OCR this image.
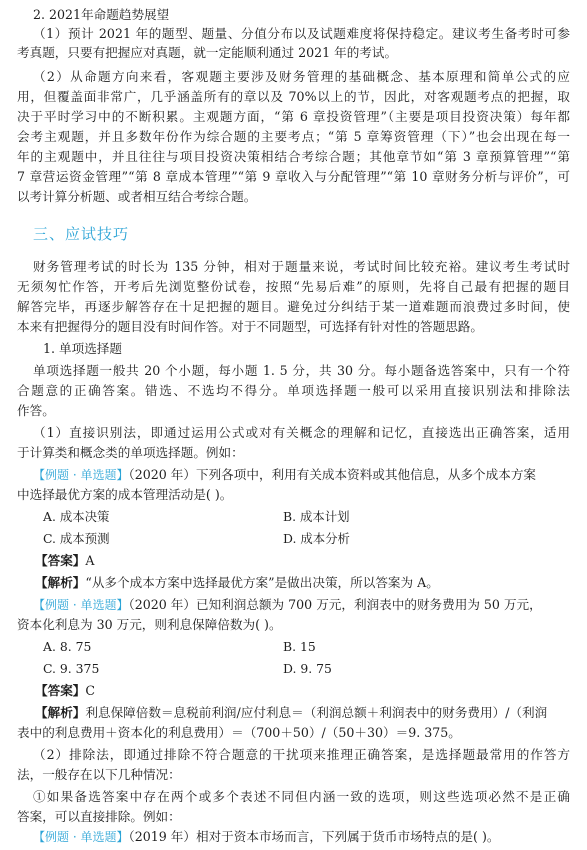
2. 2021年命题趋势展望
（1）预计 2021 年的题型、题量、分值分布以及试题难度将保持稳定。建议考生备考时可参
考真题，只要有把握应对真题，就一定能顺利通过 2021 年的考试。
（2）从命题方向来看，客观题主要涉及财务管理的基础概念、基本原理和简单公式的应
用，但覆盖面非常广，几乎涵盖所有的章以及 70%以上的节，因此，对客观题考点的把握，取
决于平时学习中的不断积累。主观题方面，“第 6 章投资管理”（主要是项目投资决策）每年都
会考主观题，并且多数年份作为综合题的主要考点；“第 5 章筹资管理（下）”也会出现在每一
年的主观题中，并且往往与项目投资决策相结合考综合题；其他章节如“第 3 章预算管理”“第
7 章营运资金管理”“第 8 章成本管理”“第 9 章收入与分配管理”“第 10 章财务分析与评价”，可
以考计算分析题、或者相互结合考综合题。
三、应试技巧
财务管理考试的时长为 135 分钟，相对于题量来说，考试时间比较充裕。建议考生考试时
无须匆忙作答，开考后先浏览整份试卷，按照“先易后难”的原则，先将自己最有把握的题目
解答完毕，再逐步解答存在十足把握的题目。避免过分纠结于某一道难题而浪费过多时间，使
本来有把握得分的题目没有时间作答。对于不同题型，可选择有针对性的答题思路。
1. 单项选择题
单项选择题一般共 20 个小题，每小题 1. 5 分，共 30 分。每小题备选答案中，只有一个符
合题意的正确答案。错选、不选均不得分。单项选择题一般可以采用直接识别法和排除法
作答。
（1）直接识别法，即通过运用公式或对有关概念的理解和记忆，直接选出正确答案，适用
于计算类和概念类的单项选择题。例如：
【例题 · 单选题】（2020 年）下列各项中，利用有关成本资料或其他信息，从多个成本方案
中选择最优方案的成本管理活动是( )。
A. 成本决策	B. 成本计划
C. 成本预测	D. 成本分析
【答案】A
【解析】“从多个成本方案中选择最优方案”是做出决策，所以答案为 A。
【例题 · 单选题】（2020 年）已知利润总额为 700 万元，利润表中的财务费用为 50 万元，
资本化利息为 30 万元，则利息保障倍数为( )。
A. 8. 75	B. 15
C. 9. 375	D. 9. 75
【答案】C
【解析】利息保障倍数＝息税前利润/应付利息＝（利润总额＋利润表中的财务费用）/（利润
表中的利息费用＋资本化的利息费用）＝（700＋50）/（50＋30）＝9. 375。
（2）排除法，即通过排除不符合题意的干扰项来推理正确答案，是选择题最常用的作答方
法，一般存在以下几种情况：
①如果备选答案中存在两个或多个表述不同但内涵一致的选项，则这些选项必然不是正确
答案，可以直接排除。例如：
【例题 · 单选题】（2019 年）相对于资本市场而言，下列属于货币市场特点的是( )。
